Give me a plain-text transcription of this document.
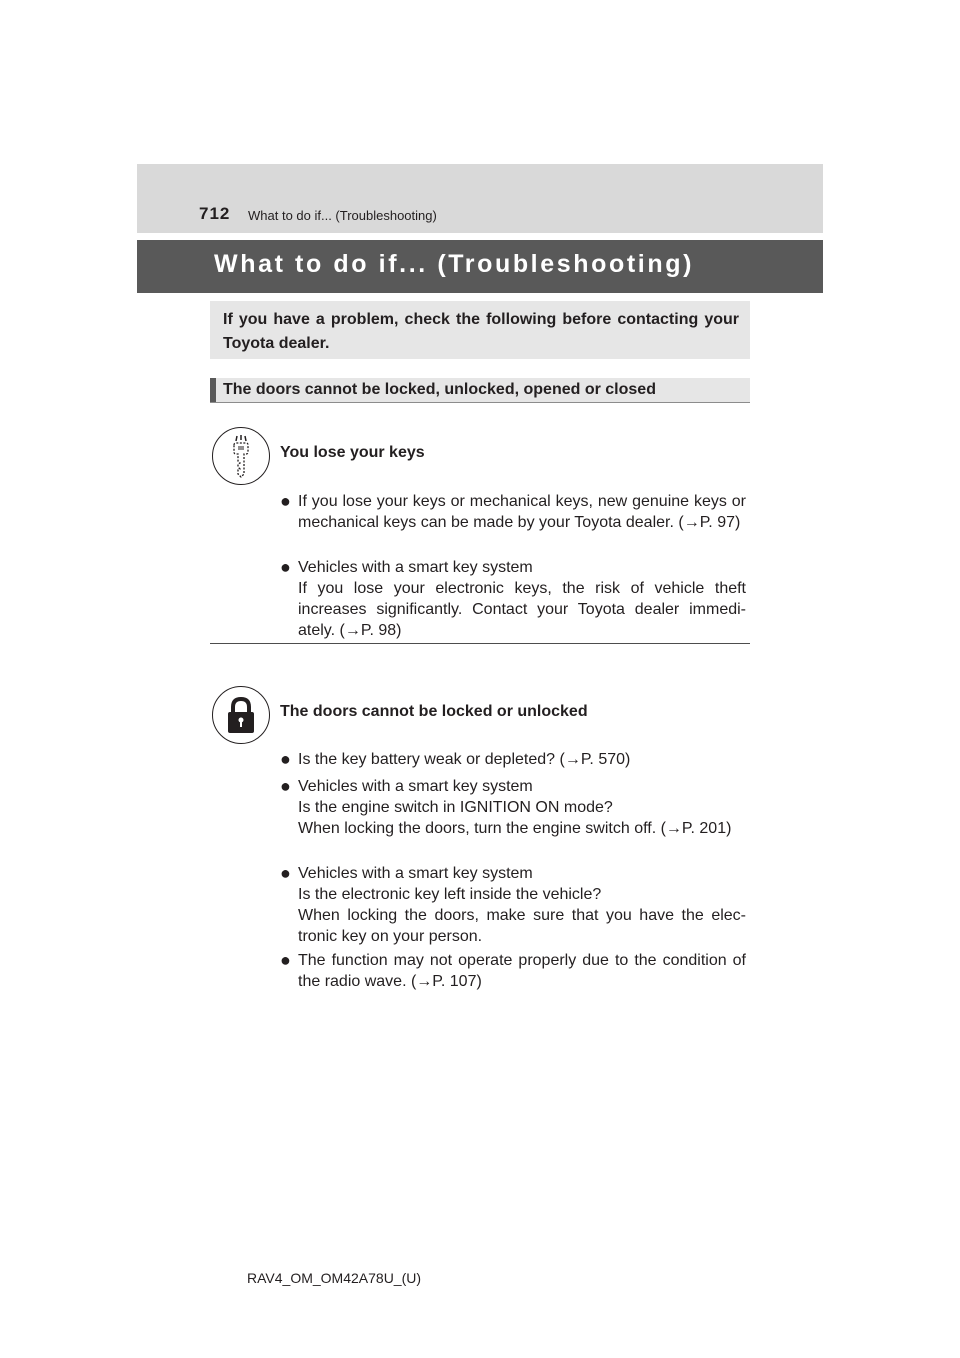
712 What to do if... (Troubleshooting)
What to do if... (Troubleshooting)
If you have a problem, check the following before contacting your Toyota dealer.
The doors cannot be locked, unlocked, opened or closed
You lose your keys
● If you lose your keys or mechanical keys, new genuine keys or mechanical keys can be made by your Toyota dealer. (→P. 97)
● Vehicles with a smart key system
If you lose your electronic keys, the risk of vehicle theft increases significantly. Contact your Toyota dealer immedi-ately. (→P. 98)
The doors cannot be locked or unlocked
● Is the key battery weak or depleted? (→P. 570)
● Vehicles with a smart key system
Is the engine switch in IGNITION ON mode?
When locking the doors, turn the engine switch off. (→P. 201)
● Vehicles with a smart key system
Is the electronic key left inside the vehicle?
When locking the doors, make sure that you have the elec-tronic key on your person.
● The function may not operate properly due to the condition of the radio wave. (→P. 107)
RAV4_OM_OM42A78U_(U)
